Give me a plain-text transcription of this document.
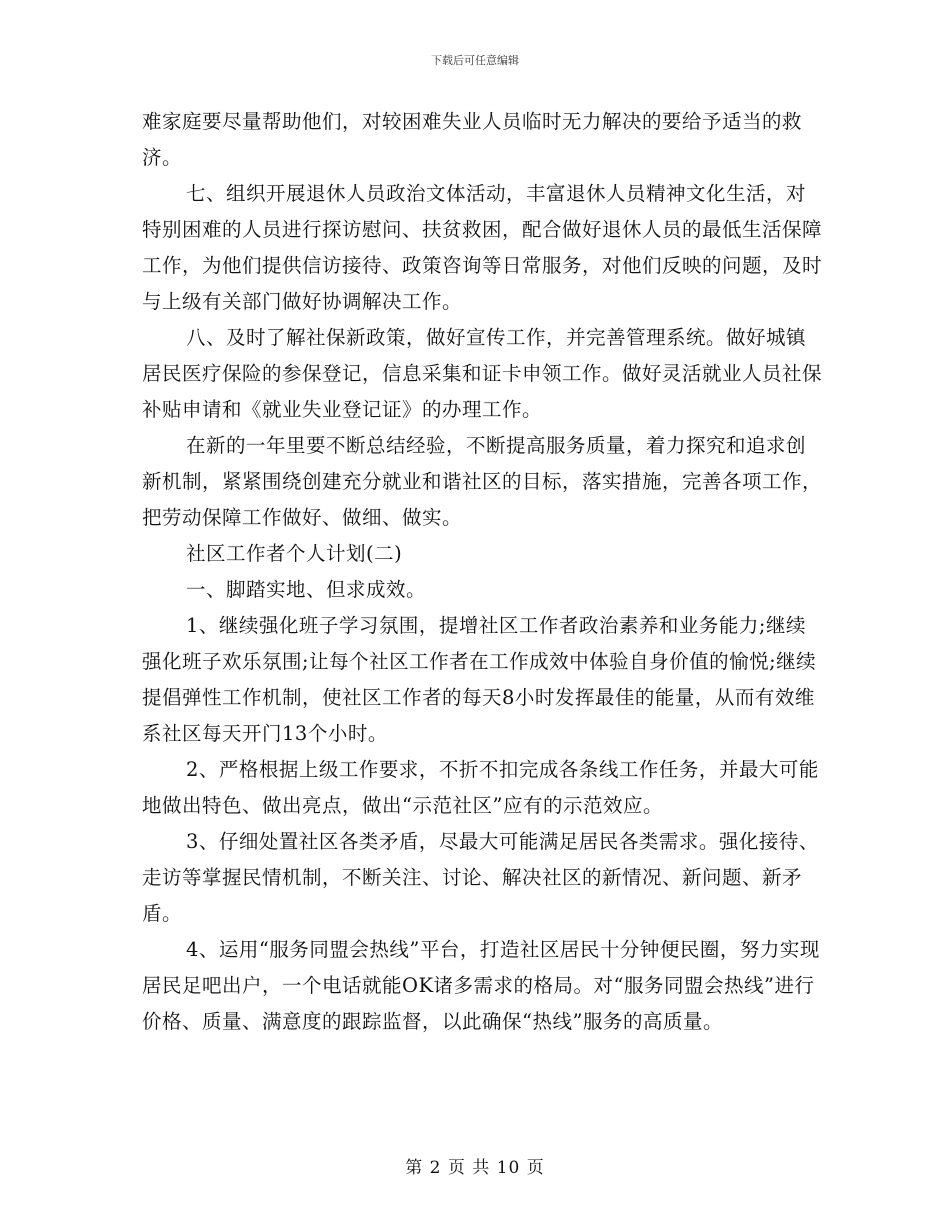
下载后可任意编辑

难家庭要尽量帮助他们，对较困难失业人员临时无力解决的要给予适当的救济。

七、组织开展退休人员政治文体活动，丰富退休人员精神文化生活，对特别困难的人员进行探访慰问、扶贫救困，配合做好退休人员的最低生活保障工作，为他们提供信访接待、政策咨询等日常服务，对他们反映的问题，及时与上级有关部门做好协调解决工作。

八、及时了解社保新政策，做好宣传工作，并完善管理系统。做好城镇居民医疗保险的参保登记，信息采集和证卡申领工作。做好灵活就业人员社保补贴申请和《就业失业登记证》的办理工作。

在新的一年里要不断总结经验，不断提高服务质量，着力探究和追求创新机制，紧紧围绕创建充分就业和谐社区的目标，落实措施，完善各项工作，把劳动保障工作做好、做细、做实。

社区工作者个人计划(二)

一、脚踏实地、但求成效。

1、继续强化班子学习氛围，提增社区工作者政治素养和业务能力;继续强化班子欢乐氛围;让每个社区工作者在工作成效中体验自身价值的愉悦;继续提倡弹性工作机制，使社区工作者的每天8小时发挥最佳的能量，从而有效维系社区每天开门13个小时。

2、严格根据上级工作要求，不折不扣完成各条线工作任务，并最大可能地做出特色、做出亮点，做出“示范社区”应有的示范效应。

3、仔细处置社区各类矛盾，尽最大可能满足居民各类需求。强化接待、走访等掌握民情机制，不断关注、讨论、解决社区的新情况、新问题、新矛盾。

4、运用“服务同盟会热线”平台，打造社区居民十分钟便民圈，努力实现居民足吧出户，一个电话就能OK诸多需求的格局。对“服务同盟会热线”进行价格、质量、满意度的跟踪监督，以此确保“热线”服务的高质量。

第 2 页 共 10 页
